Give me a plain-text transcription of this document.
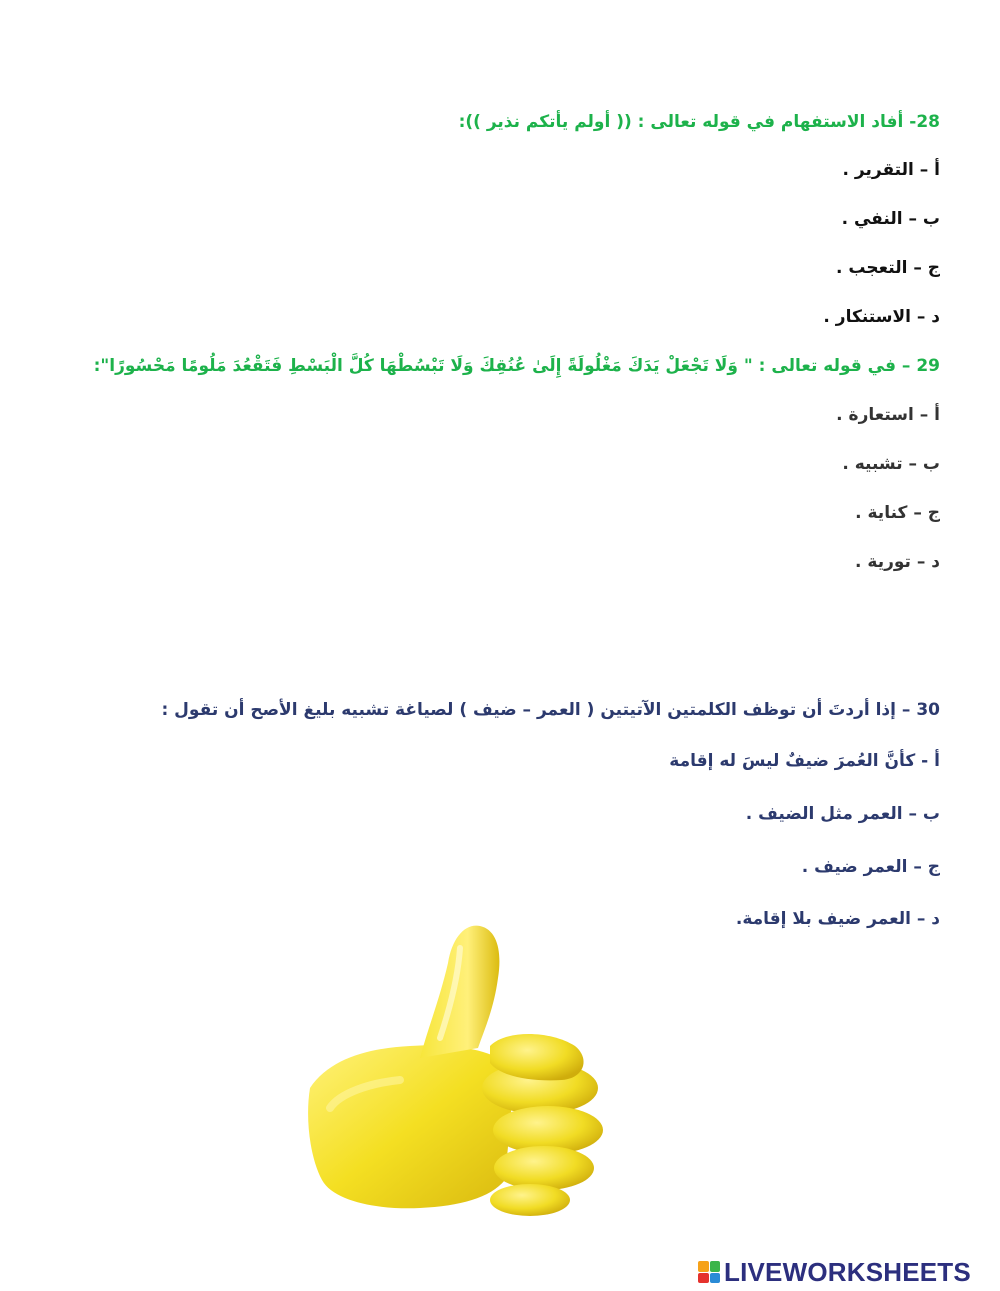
28- أفاد الاستفهام في قوله تعالى : (( أولم يأتكم نذير )):
أ – التقرير .
ب – النفي .
ج – التعجب .
د – الاستنكار .
29 – في قوله تعالى : " وَلَا تَجْعَلْ يَدَكَ مَغْلُولَةً إِلَىٰ عُنُقِكَ وَلَا تَبْسُطْهَا كُلَّ الْبَسْطِ فَتَقْعُدَ مَلُومًا مَحْسُورًا":
أ – استعارة .
ب – تشبيه .
ج – كناية .
د – تورية .
30 – إذا أردتَ أن توظف الكلمتين الآتيتين ( العمر – ضيف ) لصياغة تشبيه بليغ الأصح أن تقول :
أ - كأنَّ العُمرَ ضيفٌ ليسَ له إقامة
ب – العمر مثل الضيف .
ج – العمر ضيف .
د – العمر ضيف بلا إقامة.
LIVEWORKSHEETS
